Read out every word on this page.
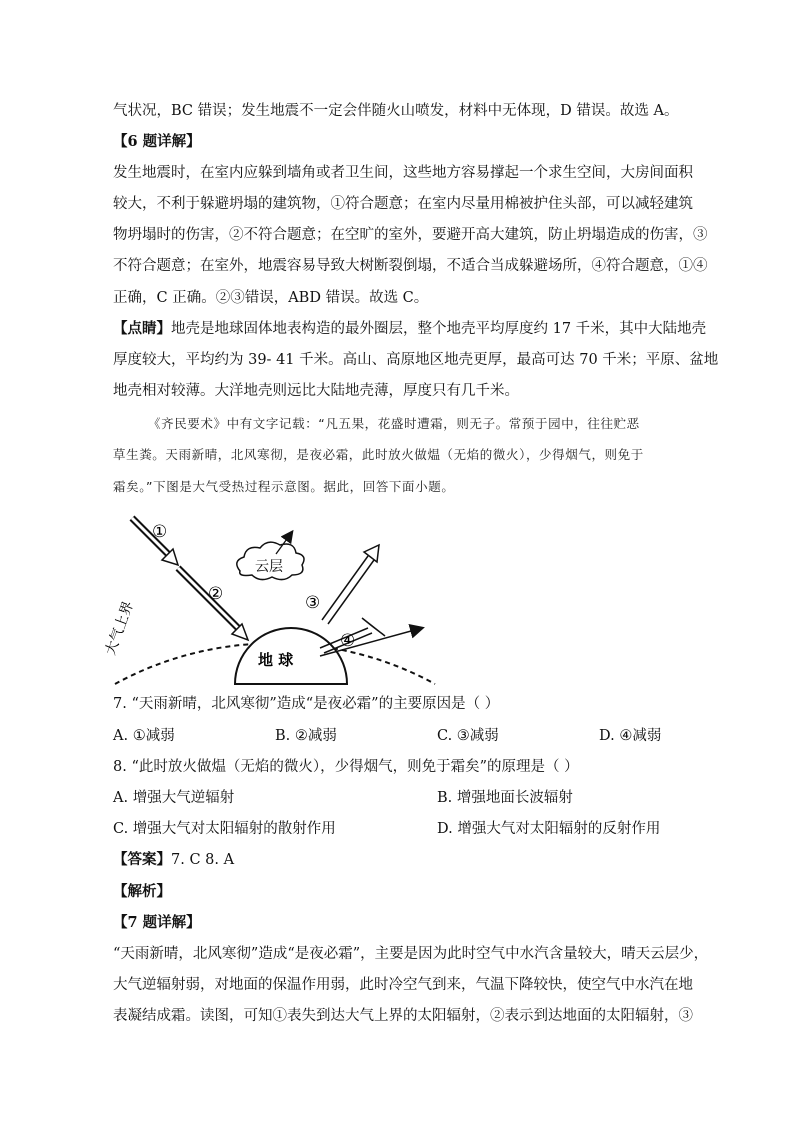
气状况，BC 错误；发生地震不一定会伴随火山喷发，材料中无体现，D 错误。故选 A。
【6 题详解】
发生地震时，在室内应躲到墙角或者卫生间，这些地方容易撑起一个求生空间，大房间面积
较大，不利于躲避坍塌的建筑物，①符合题意；在室内尽量用棉被护住头部，可以减轻建筑
物坍塌时的伤害，②不符合题意；在空旷的室外，要避开高大建筑，防止坍塌造成的伤害，③
不符合题意；在室外，地震容易导致大树断裂倒塌，不适合当成躲避场所，④符合题意，①④
正确，C 正确。②③错误，ABD 错误。故选 C。
【点睛】地壳是地球固体地表构造的最外圈层，整个地壳平均厚度约 17 千米，其中大陆地壳
厚度较大，平均约为 39- 41 千米。高山、高原地区地壳更厚，最高可达 70 千米；平原、盆地
地壳相对较薄。大洋地壳则远比大陆地壳薄，厚度只有几千米。
《齐民要术》中有文字记载：“凡五果，花盛时遭霜，则无子。常预于园中，往往贮恶
草生粪。天雨新晴，北风寒彻，是夜必霜，此时放火做煴（无焰的微火），少得烟气，则免于
霜矣。”下图是大气受热过程示意图。据此，回答下面小题。
地 球
①
②
云层
③
④
大气上界
7. “天雨新晴，北风寒彻”造成“是夜必霜”的主要原因是（ ）
A. ①减弱	B. ②减弱	C. ③减弱	D. ④减弱
8. “此时放火做煴（无焰的微火），少得烟气，则免于霜矣”的原理是（ ）
A. 增强大气逆辐射	B. 增强地面长波辐射
C. 增强大气对太阳辐射的散射作用	D. 增强大气对太阳辐射的反射作用
【答案】7. C 8. A
【解析】
【7 题详解】
“天雨新晴，北风寒彻”造成“是夜必霜”，主要是因为此时空气中水汽含量较大，晴天云层少，
大气逆辐射弱，对地面的保温作用弱，此时冷空气到来，气温下降较快，使空气中水汽在地
表凝结成霜。读图，可知①表失到达大气上界的太阳辐射，②表示到达地面的太阳辐射，③
